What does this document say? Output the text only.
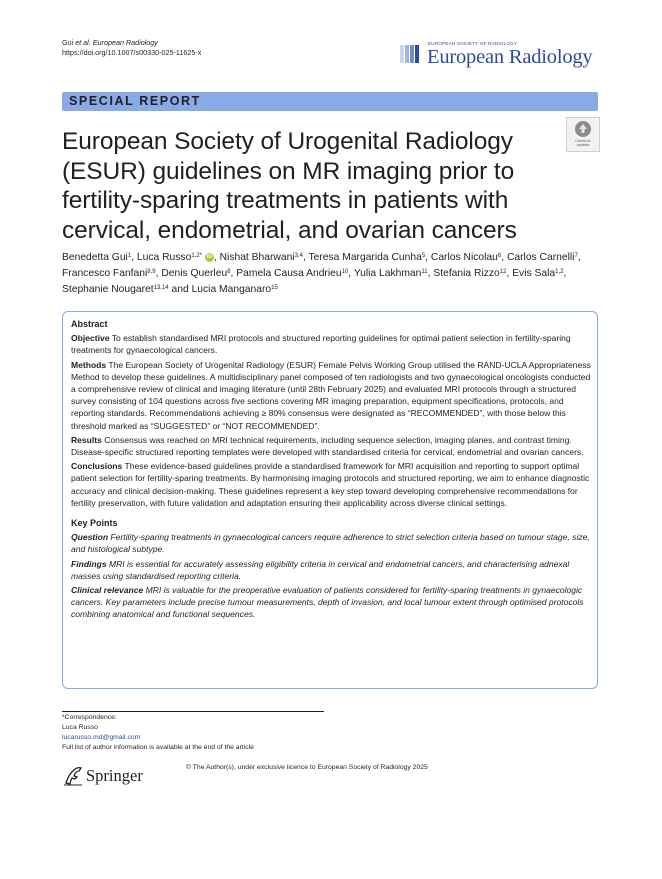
Gui et al. European Radiology
https://doi.org/10.1007/s00330-025-11625-x
EUROPEAN SOCIETY OF RADIOLOGY
European Radiology
SPECIAL REPORT
European Society of Urogenital Radiology (ESUR) guidelines on MR imaging prior to fertility-sparing treatments in patients with cervical, endometrial, and ovarian cancers
Check for
updates
Benedetta Gui$^1$, Luca Russo$^{1,2*}$ iD , Nishat Bharwani$^{3,4}$, Teresa Margarida Cunha$^5$, Carlos Nicolau$^6$, Carlos Carnelli$^7$, Francesco Fanfani$^{8,9}$, Denis Querleu$^8$, Pamela Causa Andrieu$^{10}$, Yulia Lakhman$^{11}$, Stefania Rizzo$^{12}$, Evis Sala$^{1,2}$, Stephanie Nougaret$^{13,14}$ and Lucia Manganaro$^{15}$
Abstract

Objective To establish standardised MRI protocols and structured reporting guidelines for optimal patient selection in fertility-sparing treatments for gynaecological cancers.

Methods The European Society of Urogenital Radiology (ESUR) Female Pelvis Working Group utilised the RAND-UCLA Appropriateness Method to develop these guidelines. A multidisciplinary panel composed of ten radiologists and two gynaecological oncologists conducted a comprehensive review of clinical and imaging literature (until 28th February 2025) and evaluated MRI protocols through a structured survey consisting of 104 questions across five sections covering MR imaging preparation, equipment specifications, protocols, and reporting standards. Recommendations achieving ≥ 80% consensus were designated as “RECOMMENDED”, with those below this threshold marked as “SUGGESTED” or “NOT RECOMMENDED”.

Results Consensus was reached on MRI technical requirements, including sequence selection, imaging planes, and contrast timing. Disease-specific structured reporting templates were developed with standardised criteria for cervical, endometrial and ovarian cancers.

Conclusions These evidence-based guidelines provide a standardised framework for MRI acquisition and reporting to support optimal patient selection for fertility-sparing treatments. By harmonising imaging protocols and structured reporting, we aim to enhance diagnostic accuracy and clinical decision-making. These guidelines represent a key step toward developing comprehensive recommendations for fertility preservation, with future validation and adaptation ensuring their applicability across diverse clinical settings.

Key Points

Question Fertility-sparing treatments in gynaecological cancers require adherence to strict selection criteria based on tumour stage, size, and histological subtype.

Findings MRI is essential for accurately assessing eligibility criteria in cervical and endometrial cancers, and characterising adnexal masses using standardised reporting criteria.

Clinical relevance MRI is valuable for the preoperative evaluation of patients considered for fertility-sparing treatments in gynaecologic cancers. Key parameters include precise tumour measurements, depth of invasion, and local tumour extent through optimised protocols combining anatomical and functional sequences.

*Correspondence:
Luca Russo
lucarusso.md@gmail.com
Full list of author information is available at the end of the article
Springer	© The Author(s), under exclusive licence to European Society of Radiology 2025
